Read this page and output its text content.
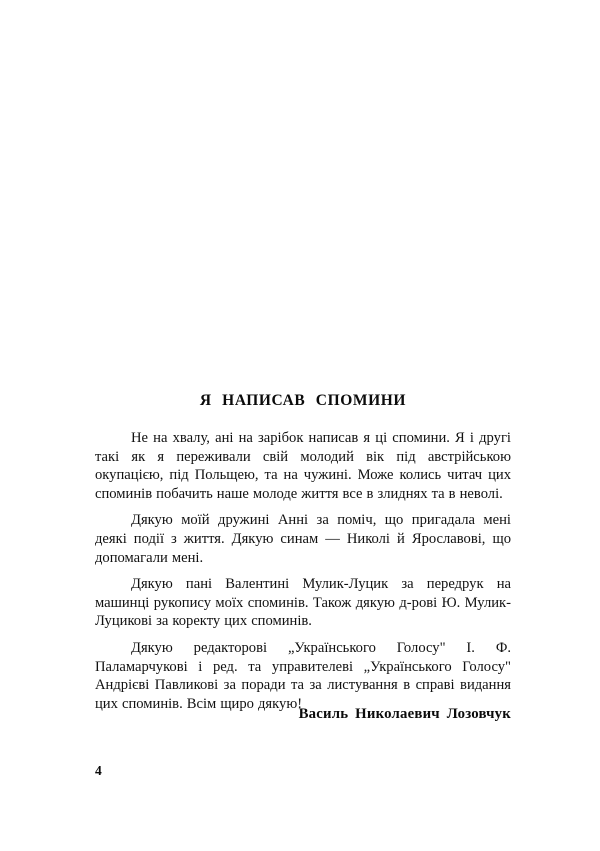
Я НАПИСАВ СПОМИНИ

Не на хвалу, ані на зарібок написав я ці спомини. Я і другі такі як я переживали свій молодий вік під австрійською окупацією, під Польщею, та на чужині. Може колись читач цих споминів побачить наше молоде життя все в злиднях та в неволі.

Дякую моїй дружині Анні за поміч, що пригадала мені деякі події з життя. Дякую синам — Николі й Ярославові, що допомагали мені.

Дякую пані Валентині Мулик-Луцик за передрук на машинці рукопису моїх споминів. Також дякую д-рові Ю. Мулик-Луцикові за коректу цих споминів.

Дякую редакторові „Українського Голосу" І. Ф. Паламарчукові і ред. та управителеві „Українського Голосу" Андрієві Павликові за поради та за листування в справі видання цих споминів. Всім щиро дякую!

Василь Николаевич Лозовчук
4
